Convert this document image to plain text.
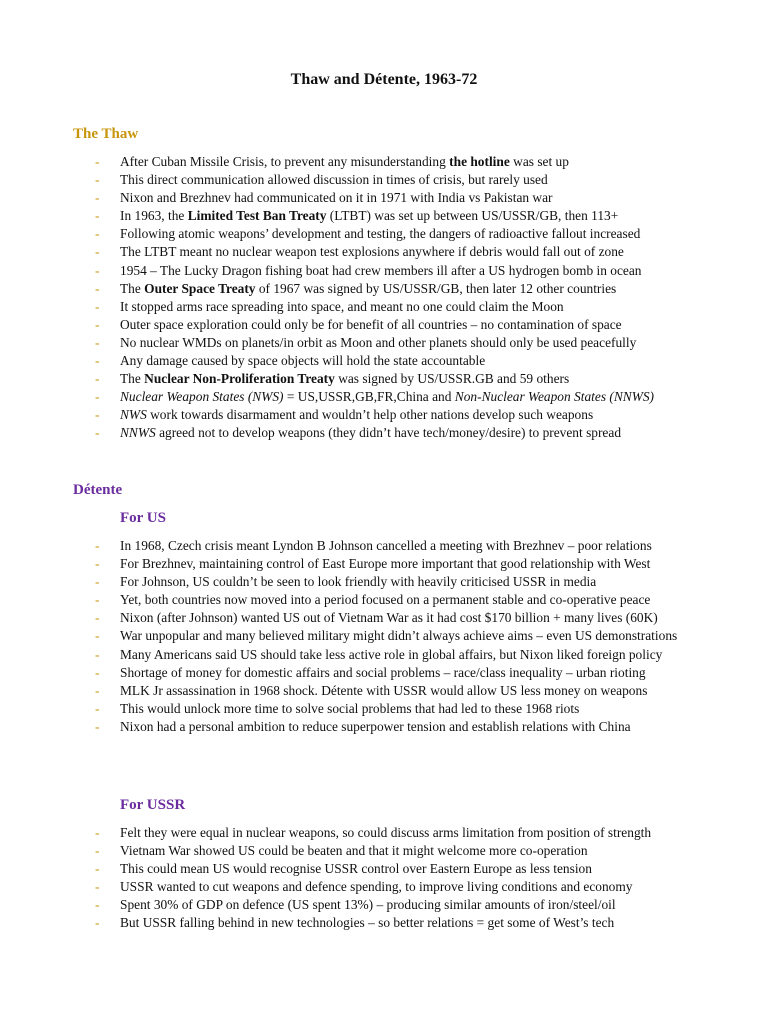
Thaw and Détente, 1963-72
The Thaw
- After Cuban Missile Crisis, to prevent any misunderstanding the hotline was set up
- This direct communication allowed discussion in times of crisis, but rarely used
- Nixon and Brezhnev had communicated on it in 1971 with India vs Pakistan war
- In 1963, the Limited Test Ban Treaty (LTBT) was set up between US/USSR/GB, then 113+
- Following atomic weapons’ development and testing, the dangers of radioactive fallout increased
- The LTBT meant no nuclear weapon test explosions anywhere if debris would fall out of zone
- 1954 – The Lucky Dragon fishing boat had crew members ill after a US hydrogen bomb in ocean
- The Outer Space Treaty of 1967 was signed by US/USSR/GB, then later 12 other countries
- It stopped arms race spreading into space, and meant no one could claim the Moon
- Outer space exploration could only be for benefit of all countries – no contamination of space
- No nuclear WMDs on planets/in orbit as Moon and other planets should only be used peacefully
- Any damage caused by space objects will hold the state accountable
- The Nuclear Non-Proliferation Treaty was signed by US/USSR.GB and 59 others
- Nuclear Weapon States (NWS) = US,USSR,GB,FR,China and Non-Nuclear Weapon States (NNWS)
- NWS work towards disarmament and wouldn’t help other nations develop such weapons
- NNWS agreed not to develop weapons (they didn’t have tech/money/desire) to prevent spread
Détente
For US
- In 1968, Czech crisis meant Lyndon B Johnson cancelled a meeting with Brezhnev – poor relations
- For Brezhnev, maintaining control of East Europe more important that good relationship with West
- For Johnson, US couldn’t be seen to look friendly with heavily criticised USSR in media
- Yet, both countries now moved into a period focused on a permanent stable and co-operative peace
- Nixon (after Johnson) wanted US out of Vietnam War as it had cost $170 billion + many lives (60K)
- War unpopular and many believed military might didn’t always achieve aims – even US demonstrations
- Many Americans said US should take less active role in global affairs, but Nixon liked foreign policy
- Shortage of money for domestic affairs and social problems – race/class inequality – urban rioting
- MLK Jr assassination in 1968 shock. Détente with USSR would allow US less money on weapons
- This would unlock more time to solve social problems that had led to these 1968 riots
- Nixon had a personal ambition to reduce superpower tension and establish relations with China
For USSR
- Felt they were equal in nuclear weapons, so could discuss arms limitation from position of strength
- Vietnam War showed US could be beaten and that it might welcome more co-operation
- This could mean US would recognise USSR control over Eastern Europe as less tension
- USSR wanted to cut weapons and defence spending, to improve living conditions and economy
- Spent 30% of GDP on defence (US spent 13%) – producing similar amounts of iron/steel/oil
- But USSR falling behind in new technologies – so better relations = get some of West’s tech
